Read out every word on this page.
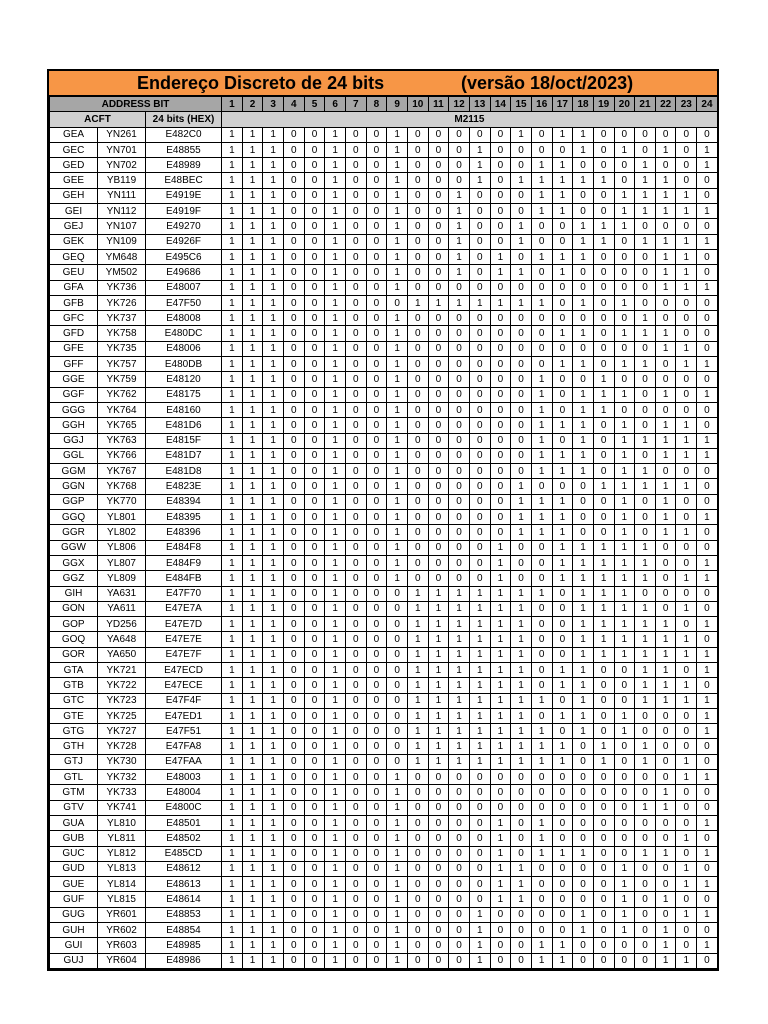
Endereço Discreto de 24 bits	(versão 18/oct/2023)
ADDRESS BIT			1	2	3	4	5	6	7	8	9	10	11	12	13	14	15	16	17	18	19	20	21	22	23	24
ACFT		24 bits (HEX)	M2115																							
GEA	YN261	E482C0	1	1	1	0	0	1	0	0	1	0	0	0	0	0	1	0	1	1	0	0	0	0	0	0
GEC	YN701	E48855	1	1	1	0	0	1	0	0	1	0	0	0	1	0	0	0	0	1	0	1	0	1	0	1
GED	YN702	E48989	1	1	1	0	0	1	0	0	1	0	0	0	1	0	0	1	1	0	0	0	1	0	0	1
GEE	YB119	E48BEC	1	1	1	0	0	1	0	0	1	0	0	0	1	0	1	1	1	1	1	0	1	1	0	0
GEH	YN111	E4919E	1	1	1	0	0	1	0	0	1	0	0	1	0	0	0	1	1	0	0	1	1	1	1	0
GEI	YN112	E4919F	1	1	1	0	0	1	0	0	1	0	0	1	0	0	0	1	1	0	0	1	1	1	1	1
GEJ	YN107	E49270	1	1	1	0	0	1	0	0	1	0	0	1	0	0	1	0	0	1	1	1	0	0	0	0
GEK	YN109	E4926F	1	1	1	0	0	1	0	0	1	0	0	1	0	0	1	0	0	1	1	0	1	1	1	1
GEQ	YM648	E495C6	1	1	1	0	0	1	0	0	1	0	0	1	0	1	0	1	1	1	0	0	0	1	1	0
GEU	YM502	E49686	1	1	1	0	0	1	0	0	1	0	0	1	0	1	1	0	1	0	0	0	0	1	1	0
GFA	YK736	E48007	1	1	1	0	0	1	0	0	1	0	0	0	0	0	0	0	0	0	0	0	0	1	1	1
GFB	YK726	E47F50	1	1	1	0	0	1	0	0	0	1	1	1	1	1	1	1	0	1	0	1	0	0	0	0
GFC	YK737	E48008	1	1	1	0	0	1	0	0	1	0	0	0	0	0	0	0	0	0	0	0	1	0	0	0
GFD	YK758	E480DC	1	1	1	0	0	1	0	0	1	0	0	0	0	0	0	0	1	1	0	1	1	1	0	0
GFE	YK735	E48006	1	1	1	0	0	1	0	0	1	0	0	0	0	0	0	0	0	0	0	0	0	1	1	0
GFF	YK757	E480DB	1	1	1	0	0	1	0	0	1	0	0	0	0	0	0	0	1	1	0	1	1	0	1	1
GGE	YK759	E48120	1	1	1	0	0	1	0	0	1	0	0	0	0	0	0	1	0	0	1	0	0	0	0	0
GGF	YK762	E48175	1	1	1	0	0	1	0	0	1	0	0	0	0	0	0	1	0	1	1	1	0	1	0	1
GGG	YK764	E48160	1	1	1	0	0	1	0	0	1	0	0	0	0	0	0	1	0	1	1	0	0	0	0	0
GGH	YK765	E481D6	1	1	1	0	0	1	0	0	1	0	0	0	0	0	0	1	1	1	0	1	0	1	1	0
GGJ	YK763	E4815F	1	1	1	0	0	1	0	0	1	0	0	0	0	0	0	1	0	1	0	1	1	1	1	1
GGL	YK766	E481D7	1	1	1	0	0	1	0	0	1	0	0	0	0	0	0	1	1	1	0	1	0	1	1	1
GGM	YK767	E481D8	1	1	1	0	0	1	0	0	1	0	0	0	0	0	0	1	1	1	0	1	1	0	0	0
GGN	YK768	E4823E	1	1	1	0	0	1	0	0	1	0	0	0	0	0	1	0	0	0	1	1	1	1	1	0
GGP	YK770	E48394	1	1	1	0	0	1	0	0	1	0	0	0	0	0	1	1	1	0	0	1	0	1	0	0
GGQ	YL801	E48395	1	1	1	0	0	1	0	0	1	0	0	0	0	0	1	1	1	0	0	1	0	1	0	1
GGR	YL802	E48396	1	1	1	0	0	1	0	0	1	0	0	0	0	0	1	1	1	0	0	1	0	1	1	0
GGW	YL806	E484F8	1	1	1	0	0	1	0	0	1	0	0	0	0	1	0	0	1	1	1	1	1	0	0	0
GGX	YL807	E484F9	1	1	1	0	0	1	0	0	1	0	0	0	0	1	0	0	1	1	1	1	1	0	0	1
GGZ	YL809	E484FB	1	1	1	0	0	1	0	0	1	0	0	0	0	1	0	0	1	1	1	1	1	0	1	1
GIH	YA631	E47F70	1	1	1	0	0	1	0	0	0	1	1	1	1	1	1	1	0	1	1	1	0	0	0	0
GON	YA611	E47E7A	1	1	1	0	0	1	0	0	0	1	1	1	1	1	1	0	0	1	1	1	1	0	1	0
GOP	YD256	E47E7D	1	1	1	0	0	1	0	0	0	1	1	1	1	1	1	0	0	1	1	1	1	1	0	1
GOQ	YA648	E47E7E	1	1	1	0	0	1	0	0	0	1	1	1	1	1	1	0	0	1	1	1	1	1	1	0
GOR	YA650	E47E7F	1	1	1	0	0	1	0	0	0	1	1	1	1	1	1	0	0	1	1	1	1	1	1	1
GTA	YK721	E47ECD	1	1	1	0	0	1	0	0	0	1	1	1	1	1	1	0	1	1	0	0	1	1	0	1
GTB	YK722	E47ECE	1	1	1	0	0	1	0	0	0	1	1	1	1	1	1	0	1	1	0	0	1	1	1	0
GTC	YK723	E47F4F	1	1	1	0	0	1	0	0	0	1	1	1	1	1	1	1	0	1	0	0	1	1	1	1
GTE	YK725	E47ED1	1	1	1	0	0	1	0	0	0	1	1	1	1	1	1	0	1	1	0	1	0	0	0	1
GTG	YK727	E47F51	1	1	1	0	0	1	0	0	0	1	1	1	1	1	1	1	0	1	0	1	0	0	0	1
GTH	YK728	E47FA8	1	1	1	0	0	1	0	0	0	1	1	1	1	1	1	1	1	0	1	0	1	0	0	0
GTJ	YK730	E47FAA	1	1	1	0	0	1	0	0	0	1	1	1	1	1	1	1	1	0	1	0	1	0	1	0
GTL	YK732	E48003	1	1	1	0	0	1	0	0	1	0	0	0	0	0	0	0	0	0	0	0	0	0	1	1
GTM	YK733	E48004	1	1	1	0	0	1	0	0	1	0	0	0	0	0	0	0	0	0	0	0	0	1	0	0
GTV	YK741	E4800C	1	1	1	0	0	1	0	0	1	0	0	0	0	0	0	0	0	0	0	0	1	1	0	0
GUA	YL810	E48501	1	1	1	0	0	1	0	0	1	0	0	0	0	1	0	1	0	0	0	0	0	0	0	1
GUB	YL811	E48502	1	1	1	0	0	1	0	0	1	0	0	0	0	1	0	1	0	0	0	0	0	0	1	0
GUC	YL812	E485CD	1	1	1	0	0	1	0	0	1	0	0	0	0	1	0	1	1	1	0	0	1	1	0	1
GUD	YL813	E48612	1	1	1	0	0	1	0	0	1	0	0	0	0	1	1	0	0	0	0	1	0	0	1	0
GUE	YL814	E48613	1	1	1	0	0	1	0	0	1	0	0	0	0	1	1	0	0	0	0	1	0	0	1	1
GUF	YL815	E48614	1	1	1	0	0	1	0	0	1	0	0	0	0	1	1	0	0	0	0	1	0	1	0	0
GUG	YR601	E48853	1	1	1	0	0	1	0	0	1	0	0	0	1	0	0	0	0	1	0	1	0	0	1	1
GUH	YR602	E48854	1	1	1	0	0	1	0	0	1	0	0	0	1	0	0	0	0	1	0	1	0	1	0	0
GUI	YR603	E48985	1	1	1	0	0	1	0	0	1	0	0	0	1	0	0	1	1	0	0	0	0	1	0	1
GUJ	YR604	E48986	1	1	1	0	0	1	0	0	1	0	0	0	1	0	0	1	1	0	0	0	0	1	1	0
